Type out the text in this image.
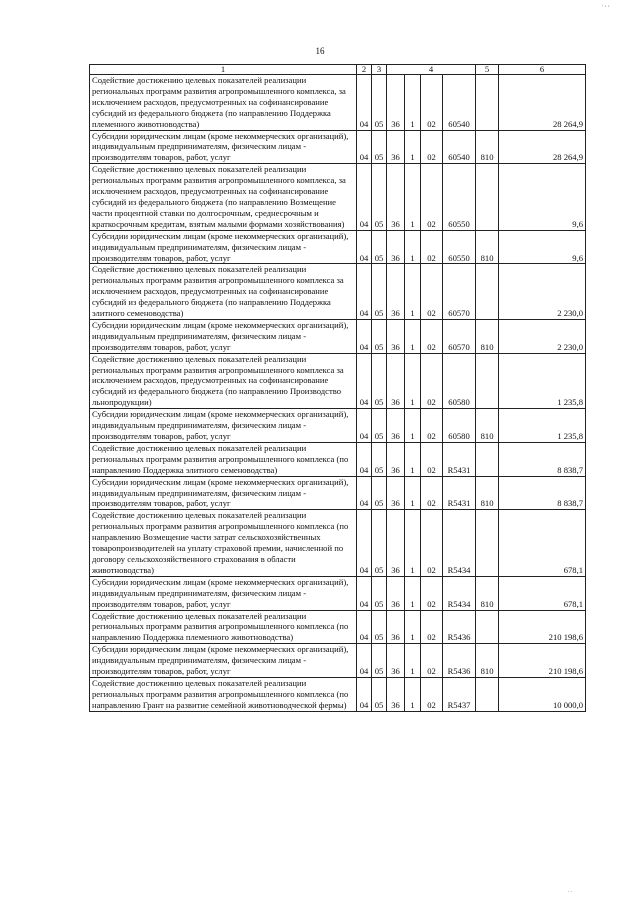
. , ,
16
1	2	3	4				5	6

Содействие достижению целевых показателей реализации региональных программ развития агропромышленного комплекса, за исключением расходов, предусмотренных на софинансирование субсидий из федерального бюджета (по направлению Поддержка племенного животноводства)	04	05	36	1	02	60540		28 264,9

Субсидии юридическим лицам (кроме некоммерческих организаций), индивидуальным предпринимателям, физическим лицам - производителям товаров, работ, услуг	04	05	36	1	02	60540	810	28 264,9

Содействие достижению целевых показателей реализации региональных программ развития агропромышленного комплекса, за исключением расходов, предусмотренных на софинансирование субсидий из федерального бюджета (по направлению Возмещение части процентной ставки по долгосрочным, среднесрочным и краткосрочным кредитам, взятым малыми формами хозяйствования)	04	05	36	1	02	60550		9,6

Субсидии юридическим лицам (кроме некоммерческих организаций), индивидуальным предпринимателям, физическим лицам - производителям товаров, работ, услуг	04	05	36	1	02	60550	810	9,6

Содействие достижению целевых показателей реализации региональных программ развития агропромышленного комплекса за исключением расходов, предусмотренных на софинансирование субсидий из федерального бюджета (по направлению Поддержка элитного семеноводства)	04	05	36	1	02	60570		2 230,0

Субсидии юридическим лицам (кроме некоммерческих организаций), индивидуальным предпринимателям, физическим лицам - производителям товаров, работ, услуг	04	05	36	1	02	60570	810	2 230,0

Содействие достижению целевых показателей реализации региональных программ развития агропромышленного комплекса за исключением расходов, предусмотренных на софинансирование субсидий из федерального бюджета (по направлению Производство льнопродукции)	04	05	36	1	02	60580		1 235,8

Субсидии юридическим лицам (кроме некоммерческих организаций), индивидуальным предпринимателям, физическим лицам - производителям товаров, работ, услуг	04	05	36	1	02	60580	810	1 235,8

Содействие достижению целевых показателей реализации региональных программ развития агропромышленного комплекса (по направлению Поддержка элитного семеноводства)	04	05	36	1	02	R5431		8 838,7

Субсидии юридическим лицам (кроме некоммерческих организаций), индивидуальным предпринимателям, физическим лицам - производителям товаров, работ, услуг	04	05	36	1	02	R5431	810	8 838,7

Содействие достижению целевых показателей реализации региональных программ развития агропромышленного комплекса (по направлению Возмещение части затрат сельскохозяйственных товаропроизводителей на уплату страховой премии, начисленной по договору сельскохозяйственного страхования в области животноводства)	04	05	36	1	02	R5434		678,1

Субсидии юридическим лицам (кроме некоммерческих организаций), индивидуальным предпринимателям, физическим лицам - производителям товаров, работ, услуг	04	05	36	1	02	R5434	810	678,1

Содействие достижению целевых показателей реализации региональных программ развития агропромышленного комплекса (по направлению Поддержка племенного животноводства)	04	05	36	1	02	R5436		210 198,6

Субсидии юридическим лицам (кроме некоммерческих организаций), индивидуальным предпринимателям, физическим лицам - производителям товаров, работ, услуг	04	05	36	1	02	R5436	810	210 198,6

Содействие достижению целевых показателей реализации региональных программ развития агропромышленного комплекса (по направлению Грант на развитие семейной животноводческой фермы)	04	05	36	1	02	R5437		10 000,0
. .
